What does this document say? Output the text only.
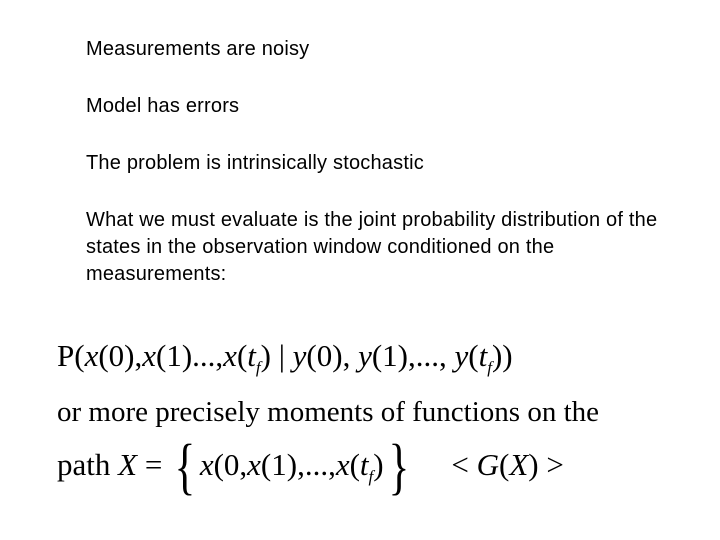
Measurements are noisy

Model has errors

The problem is intrinsically stochastic

What we must evaluate is the joint probability distribution of the states in the observation window conditioned on the measurements:

$P(x(0),x(1)...,x(t_f)$ | y(0), y(1),..., $y(t_f)$)

or more precisely moments of functions on the

path X = { $x(0,x(1),...,x(t_f)\} < G(X)$ >
